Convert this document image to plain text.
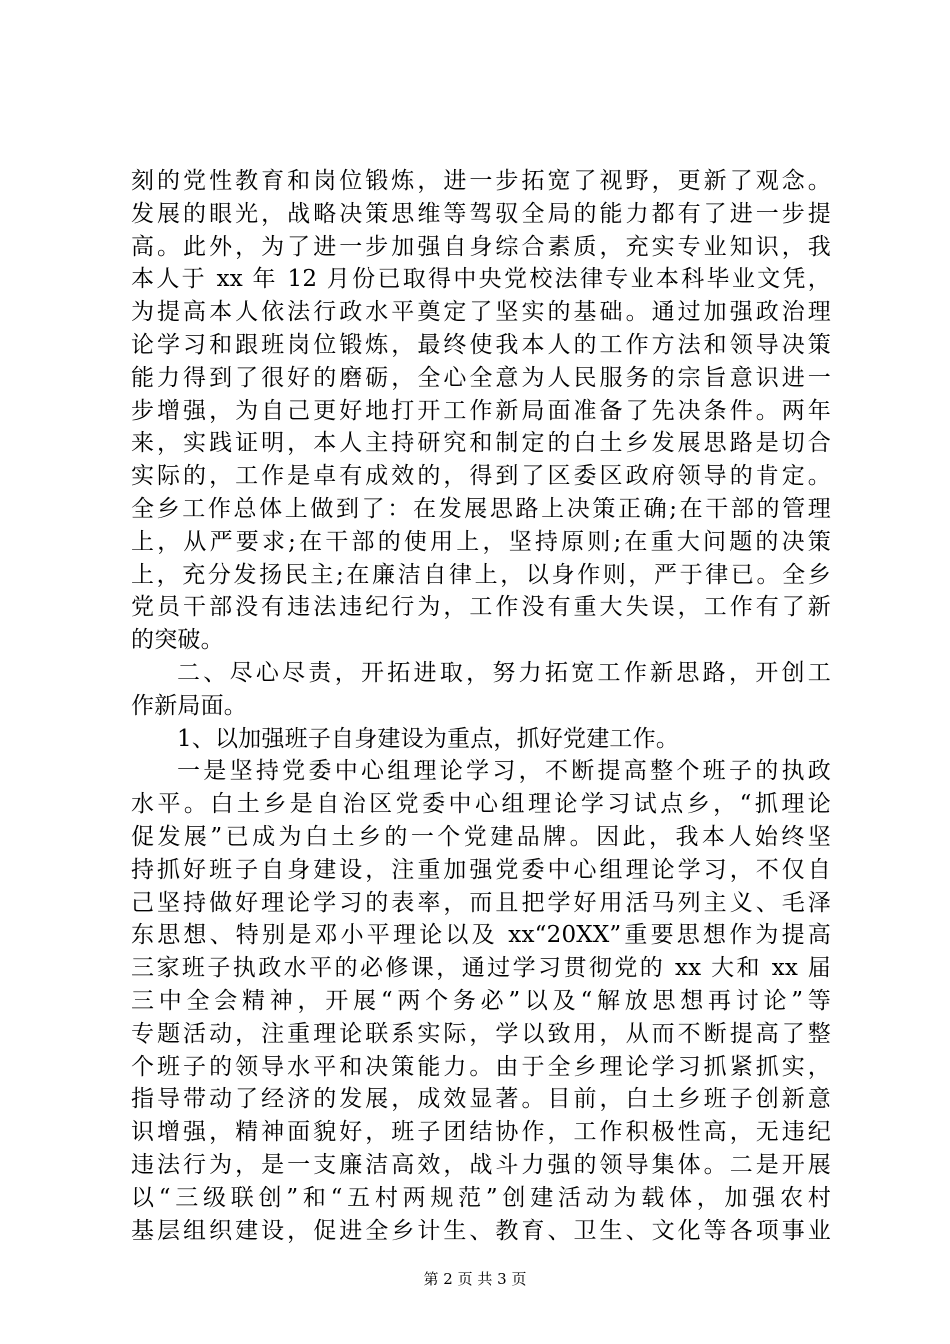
刻的党性教育和岗位锻炼，进一步拓宽了视野，更新了观念。
发展的眼光，战略决策思维等驾驭全局的能力都有了进一步提
高。此外，为了进一步加强自身综合素质，充实专业知识，我
本人于 xx 年 12 月份已取得中央党校法律专业本科毕业文凭，
为提高本人依法行政水平奠定了坚实的基础。通过加强政治理
论学习和跟班岗位锻炼，最终使我本人的工作方法和领导决策
能力得到了很好的磨砺，全心全意为人民服务的宗旨意识进一
步增强，为自己更好地打开工作新局面准备了先决条件。两年
来，实践证明，本人主持研究和制定的白土乡发展思路是切合
实际的，工作是卓有成效的，得到了区委区政府领导的肯定。
全乡工作总体上做到了：在发展思路上决策正确;在干部的管理
上，从严要求;在干部的使用上，坚持原则;在重大问题的决策
上，充分发扬民主;在廉洁自律上，以身作则，严于律已。全乡
党员干部没有违法违纪行为，工作没有重大失误，工作有了新
的突破。
二、尽心尽责，开拓进取，努力拓宽工作新思路，开创工
作新局面。
1、以加强班子自身建设为重点，抓好党建工作。
一是坚持党委中心组理论学习，不断提高整个班子的执政
水平。白土乡是自治区党委中心组理论学习试点乡，“抓理论
促发展”已成为白土乡的一个党建品牌。因此，我本人始终坚
持抓好班子自身建设，注重加强党委中心组理论学习，不仅自
己坚持做好理论学习的表率，而且把学好用活马列主义、毛泽
东思想、特别是邓小平理论以及 xx“20XX”重要思想作为提高
三家班子执政水平的必修课，通过学习贯彻党的 xx 大和 xx 届
三中全会精神，开展“两个务必”以及“解放思想再讨论”等
专题活动，注重理论联系实际，学以致用，从而不断提高了整
个班子的领导水平和决策能力。由于全乡理论学习抓紧抓实，
指导带动了经济的发展，成效显著。目前，白土乡班子创新意
识增强，精神面貌好，班子团结协作，工作积极性高，无违纪
违法行为，是一支廉洁高效，战斗力强的领导集体。二是开展
以“三级联创”和“五村两规范”创建活动为载体，加强农村
基层组织建设，促进全乡计生、教育、卫生、文化等各项事业
第 2 页 共 3 页
